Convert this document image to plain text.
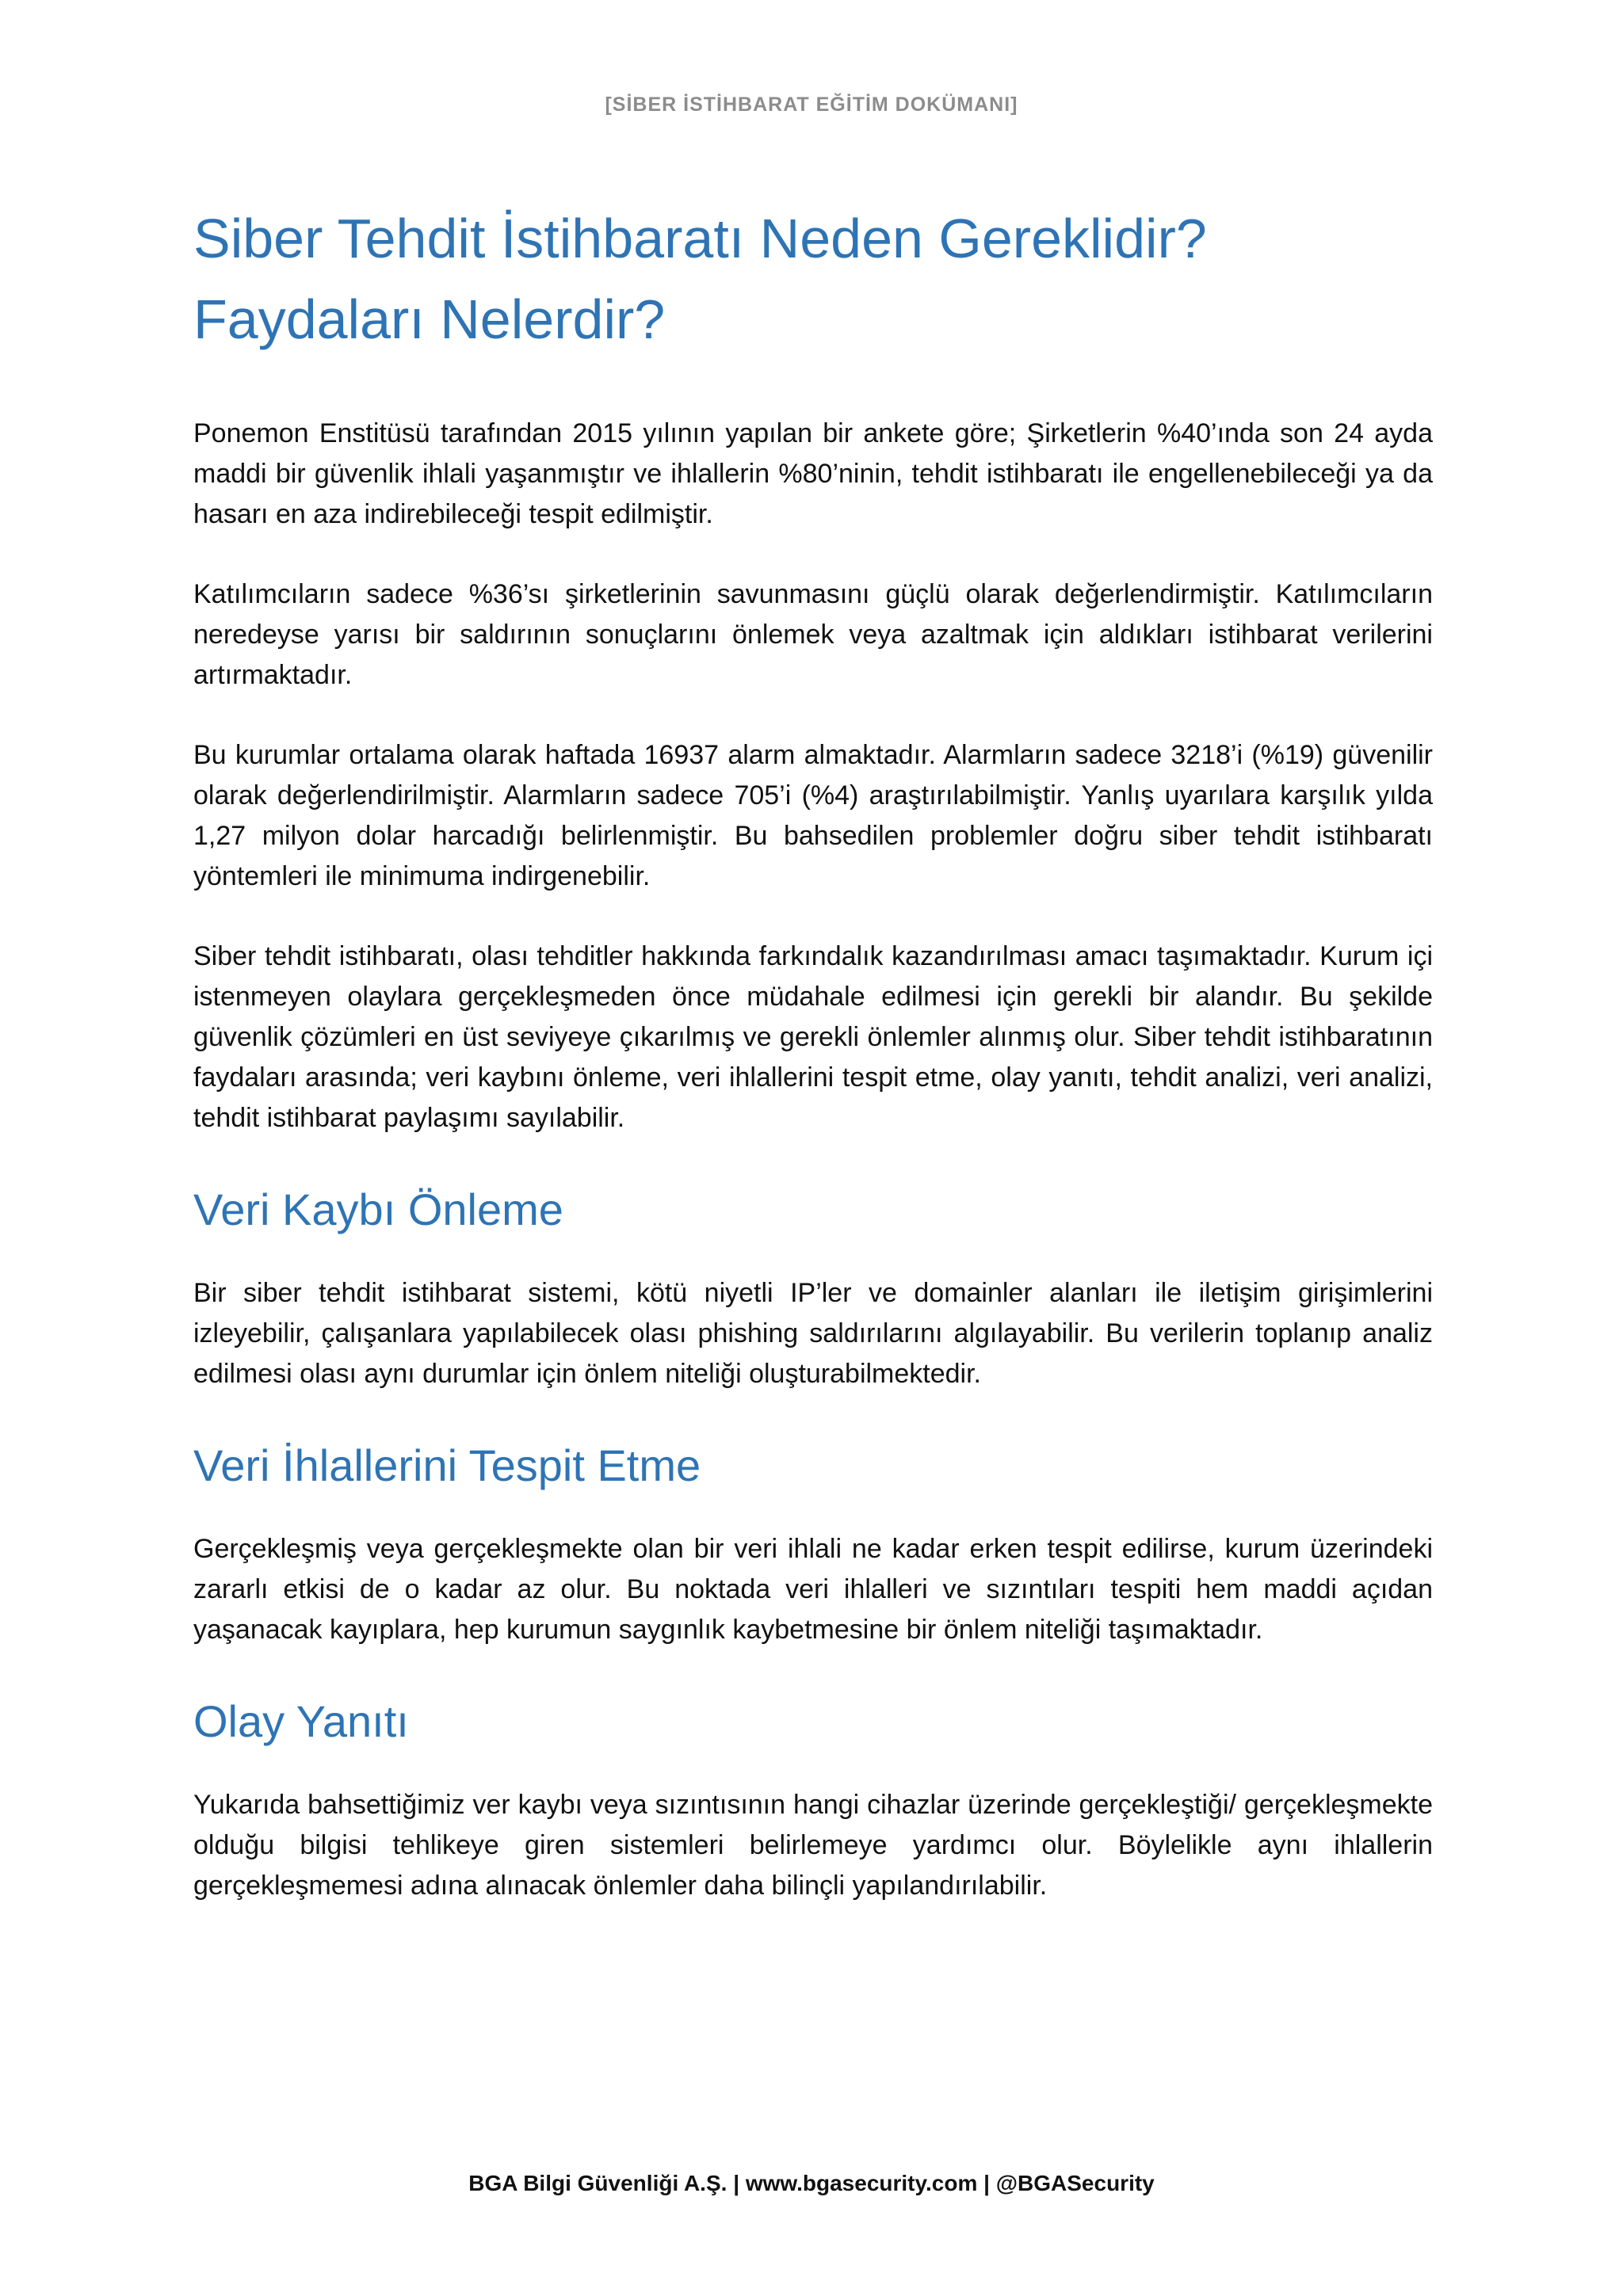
[SİBER İSTİHBARAT EĞİTİM DOKÜMANI]
Siber Tehdit İstihbaratı Neden Gereklidir?
Faydaları Nelerdir?

Ponemon Enstitüsü tarafından 2015 yılının yapılan bir ankete göre; Şirketlerin %40’ında son 24 ayda maddi bir güvenlik ihlali yaşanmıştır ve ihlallerin %80’ninin, tehdit istihbaratı ile engellenebileceği ya da hasarı en aza indirebileceği tespit edilmiştir.

Katılımcıların sadece %36’sı şirketlerinin savunmasını güçlü olarak değerlendirmiştir. Katılımcıların neredeyse yarısı bir saldırının sonuçlarını önlemek veya azaltmak için aldıkları istihbarat verilerini artırmaktadır.

Bu kurumlar ortalama olarak haftada 16937 alarm almaktadır. Alarmların sadece 3218’i (%19) güvenilir olarak değerlendirilmiştir. Alarmların sadece 705’i (%4) araştırılabilmiştir. Yanlış uyarılara karşılık yılda 1,27 milyon dolar harcadığı belirlenmiştir. Bu bahsedilen problemler doğru siber tehdit istihbaratı yöntemleri ile minimuma indirgenebilir.

Siber tehdit istihbaratı, olası tehditler hakkında farkındalık kazandırılması amacı taşımaktadır. Kurum içi istenmeyen olaylara gerçekleşmeden önce müdahale edilmesi için gerekli bir alandır. Bu şekilde güvenlik çözümleri en üst seviyeye çıkarılmış ve gerekli önlemler alınmış olur. Siber tehdit istihbaratının faydaları arasında; veri kaybını önleme, veri ihlallerini tespit etme, olay yanıtı, tehdit analizi, veri analizi, tehdit istihbarat paylaşımı sayılabilir.

Veri Kaybı Önleme

Bir siber tehdit istihbarat sistemi, kötü niyetli IP’ler ve domainler alanları ile iletişim girişimlerini izleyebilir, çalışanlara yapılabilecek olası phishing saldırılarını algılayabilir. Bu verilerin toplanıp analiz edilmesi olası aynı durumlar için önlem niteliği oluşturabilmektedir.

Veri İhlallerini Tespit Etme

Gerçekleşmiş veya gerçekleşmekte olan bir veri ihlali ne kadar erken tespit edilirse, kurum üzerindeki zararlı etkisi de o kadar az olur. Bu noktada veri ihlalleri ve sızıntıları tespiti hem maddi açıdan yaşanacak kayıplara, hep kurumun saygınlık kaybetmesine bir önlem niteliği taşımaktadır.

Olay Yanıtı

Yukarıda bahsettiğimiz ver kaybı veya sızıntısının hangi cihazlar üzerinde gerçekleştiği/ gerçekleşmekte olduğu bilgisi tehlikeye giren sistemleri belirlemeye yardımcı olur. Böylelikle aynı ihlallerin gerçekleşmemesi adına alınacak önlemler daha bilinçli yapılandırılabilir.

BGA Bilgi Güvenliği A.Ş. | www.bgasecurity.com | @BGASecurity
